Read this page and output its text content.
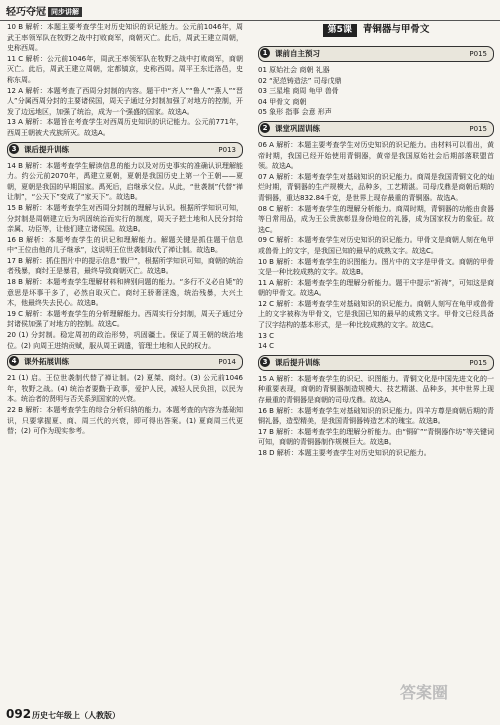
轻巧夺冠 同步讲解

10 B 解析：本题主要考查学生对历史知识的识记能力。公元前1046年，周武王率领军队在牧野之战中打败商军，商朝灭亡。此后，周武王建立周朝，史称西周。

11 C 解析：公元前1046年，周武王率领军队在牧野之战中打败商军，商朝灭亡。此后，周武王建立周朝，定都镐京，史称西周。周平王东迁洛邑，史称东周。

12 A 解析：本题考查了西周分封制的内容。题干中“齐人”“鲁人”“燕人”“晋人”分属西周分封的主要诸侯国，周天子通过分封制加强了对地方的控制，开发了边远地区，加强了统治，成为一个强盛的国家。故选A。

13 A 解析：本题旨在考查学生对西周历史知识的识记能力。公元前771年，西周王朝被犬戎族所灭。故选A。

3	课后提升训练	P013

14 B 解析：本题考查学生解读信息的能力以及对历史事实的准确认识理解能力。约公元前2070年，禹建立夏朝，夏朝是我国历史上第一个王朝——夏朝，夏朝是我国的早期国家。禹死后，启继承父位。从此，“世袭制”代替“禅让制”，“公天下”变成了“家天下”。故选B。

15 B 解析：本题考查学生对西周分封制的理解与认识。根据所学知识可知，分封制是周朝建立后为巩固统治而实行的制度，周天子把土地和人民分封给亲属、功臣等，让他们建立诸侯国。故选B。

16 B 解析：本题考查学生的识记和理解能力。解题关键是抓住题干信息中“王位由他的儿子继承”，这说明王位世袭制取代了禅让制。故选B。

17 B 解析：抓住图片中的提示信息“戮尸”，根据所学知识可知，商朝的统治者残暴，商纣王是暴君，最终导致商朝灭亡。故选B。

18 B 解析：本题考查学生理解材料和辨别问题的能力。“多行不义必自毙”的意思是坏事干多了，必然自取灭亡。商纣王骄奢淫逸，统治残暴，大兴土木，他最终失去民心。故选B。

19 C 解析：本题考查学生的分析理解能力。西周实行分封制，周天子通过分封诸侯加强了对地方的控制。故选C。

20 (1) 分封制。稳定周初的政治形势，巩固疆土。保证了周王朝的统治地位。(2) 向周王进纳贡赋，服从周王调遣，管理土地和人民的权力。

4	课外拓展训练	P014

21 (1) 启。王位世袭制代替了禅让制。(2) 夏桀、商纣。(3) 公元前1046年，牧野之战。(4) 统治者要勤于政事，爱护人民，减轻人民负担，以民为本。统治者的贤明与否关系到国家的兴衰。

22 B 解析：本题考查学生的综合分析归纳的能力。本题考查的内容为基础知识，只要掌握夏、商、周三代的兴衰，即可得出答案。(1) 夏商周三代更替；(2) 可作为现实参考。

第5课 青铜器与甲骨文
1	课前自主预习	P015

01 原始社会 商朝 礼器

02 “泥范铸造法” 司母戊鼎

03 三星堆 商周 龟甲 兽骨

04 甲骨文 商朝

05 象形 指事 会意 形声

2	课堂巩固训练	P015

06 A 解析：本题主要考查学生对历史知识的识记能力。由材料可以看出，黄帝时期，我国已经开始使用青铜器，黄帝是我国原始社会后期部落联盟首领。故选A。

07 A 解析：本题考查学生对基础知识的识记能力。商周是我国青铜文化的灿烂时期，青铜器的生产规模大，品种多，工艺精湛。司母戊鼎是商朝后期的青铜器，重达832.84千克，是世界上现存最重的青铜器。故选A。

08 C 解析：本题考查学生的理解分析能力。商周时期，青铜器的功能由食器等日常用品，成为王公贵族彰显身份地位的礼器，成为国家权力的象征。故选C。

09 C 解析：本题考查学生对历史知识的识记能力。甲骨文是商朝人刻在龟甲或兽骨上的文字，是我国已知的最早的成熟文字。故选C。

10 B 解析：本题考查学生的识图能力。图片中的文字是甲骨文。商朝的甲骨文是一种比较成熟的文字。故选B。

11 A 解析：本题考查学生的理解分析能力。题干中提示“祈祷”，可知这是商朝的甲骨文。故选A。

12 C 解析：本题考查学生对基础知识的识记能力。商朝人刻写在龟甲或兽骨上的文字被称为甲骨文，它是我国已知的最早的成熟文字。甲骨文已经具备了汉字结构的基本形式，是一种比较成熟的文字。故选C。

13 C

14 C

3	课后提升训练	P015

15 A 解析：本题考查学生的识记、识图能力。青铜文化是中国先进文化的一种重要表现，商朝的青铜器制造规模大、技艺精湛、品种多，其中世界上现存最重的青铜器是商朝的司母戊鼎。故选A。

16 B 解析：本题考查学生对基础知识的识记能力。四羊方尊是商朝后期的青铜礼器，造型精美，是我国青铜器铸造艺术的瑰宝。故选B。

17 B 解析：本题考查学生的理解分析能力。由“铜矿”“青铜器作坊”等关键词可知，商朝的青铜器制作规模巨大。故选B。

18 D 解析：本题主要考查学生对历史知识的识记能力。

答案圈
092 历史七年级上（人教版）
